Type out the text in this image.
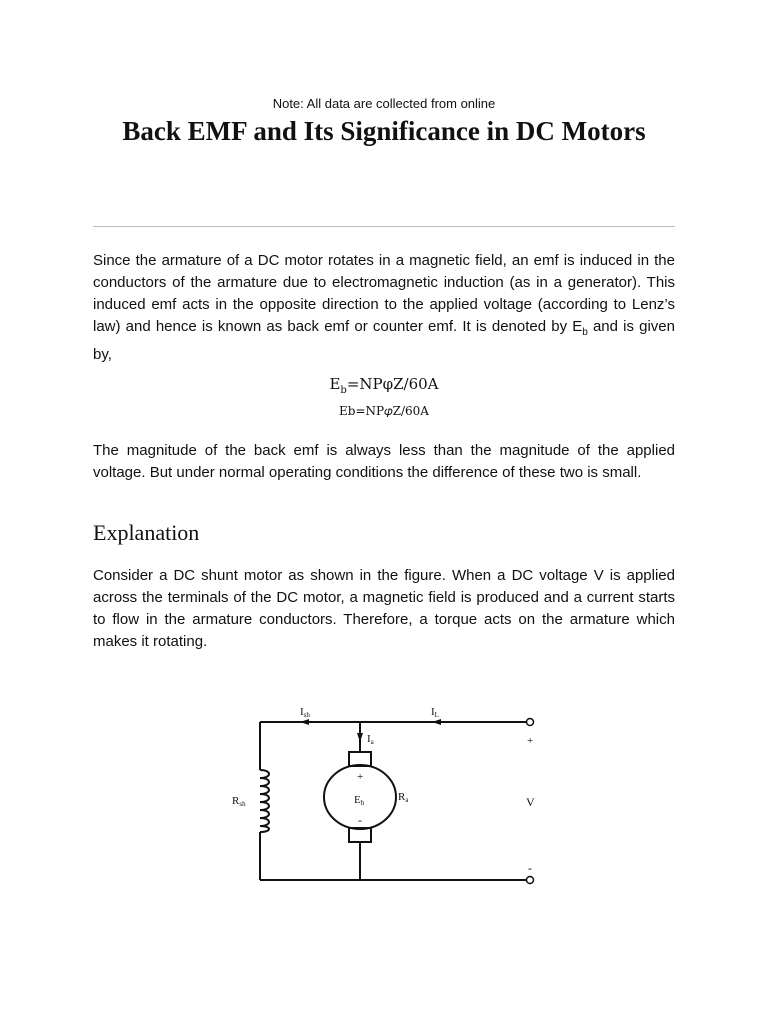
Note: All data are collected from online
Back EMF and Its Significance in DC Motors

Since the armature of a DC motor rotates in a magnetic field, an emf is induced in the conductors of the armature due to electromagnetic induction (as in a generator). This induced emf acts in the opposite direction to the applied voltage (according to Lenz’s law) and hence is known as back emf or counter emf. It is denoted by $E_b$ and is given by,

$E_b=NP\varphi Z/60A$
Eb=NP𝜑Z/60A

The magnitude of the back emf is always less than the magnitude of the applied voltage. But under normal operating conditions the difference of these two is small.

Explanation

Consider a DC shunt motor as shown in the figure. When a DC voltage V is applied across the terminals of the DC motor, a magnetic field is produced and a current starts to flow in the armature conductors. Therefore, a torque acts on the armature which makes it rotating.

Ish	IL
Ia
Rsh
Ra
Eb
+
-
+
V
-
